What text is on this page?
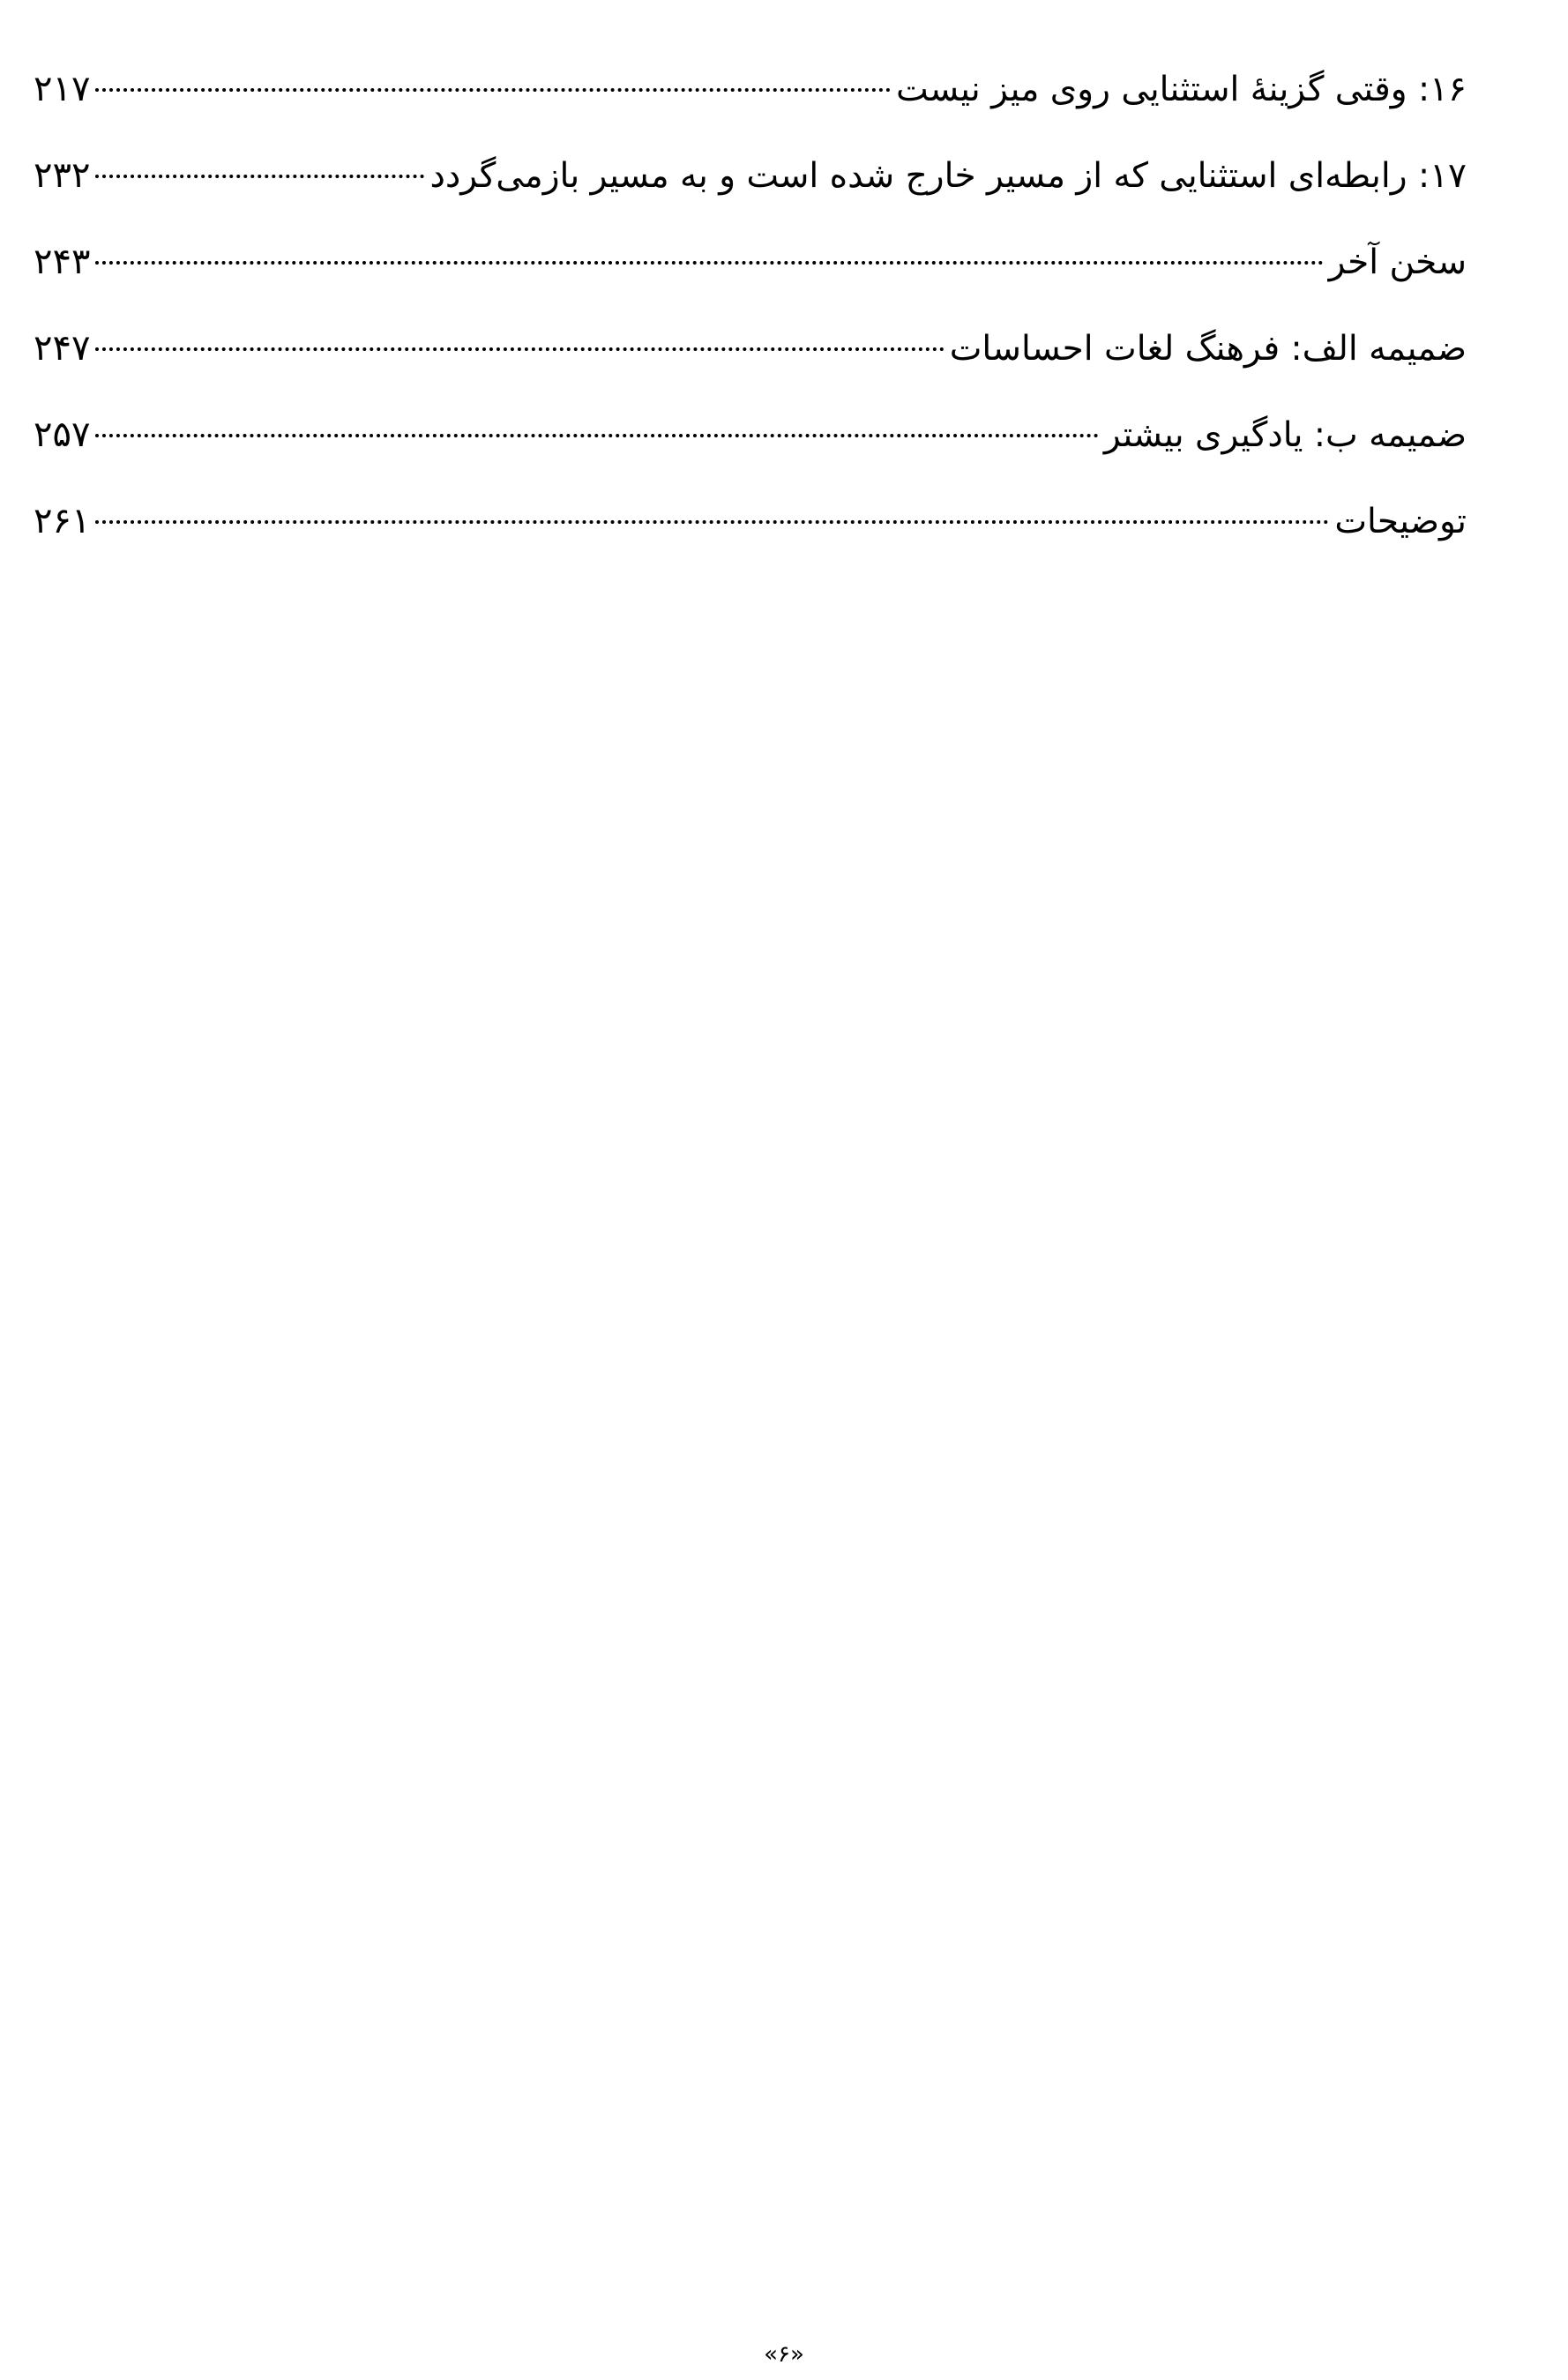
۱۶: وقتی گزینهٔ استثنایی روی میز نیست
۲۱۷
۱۷: رابطه‌ای استثنایی که از مسیر خارج شده است و به مسیر بازمی‌گردد
۲۳۲
سخن آخر
۲۴۳
ضمیمه الف: فرهنگ لغات احساسات
۲۴۷
ضمیمه ب: یادگیری بیشتر
۲۵۷
توضیحات
۲۶۱
«۶»
